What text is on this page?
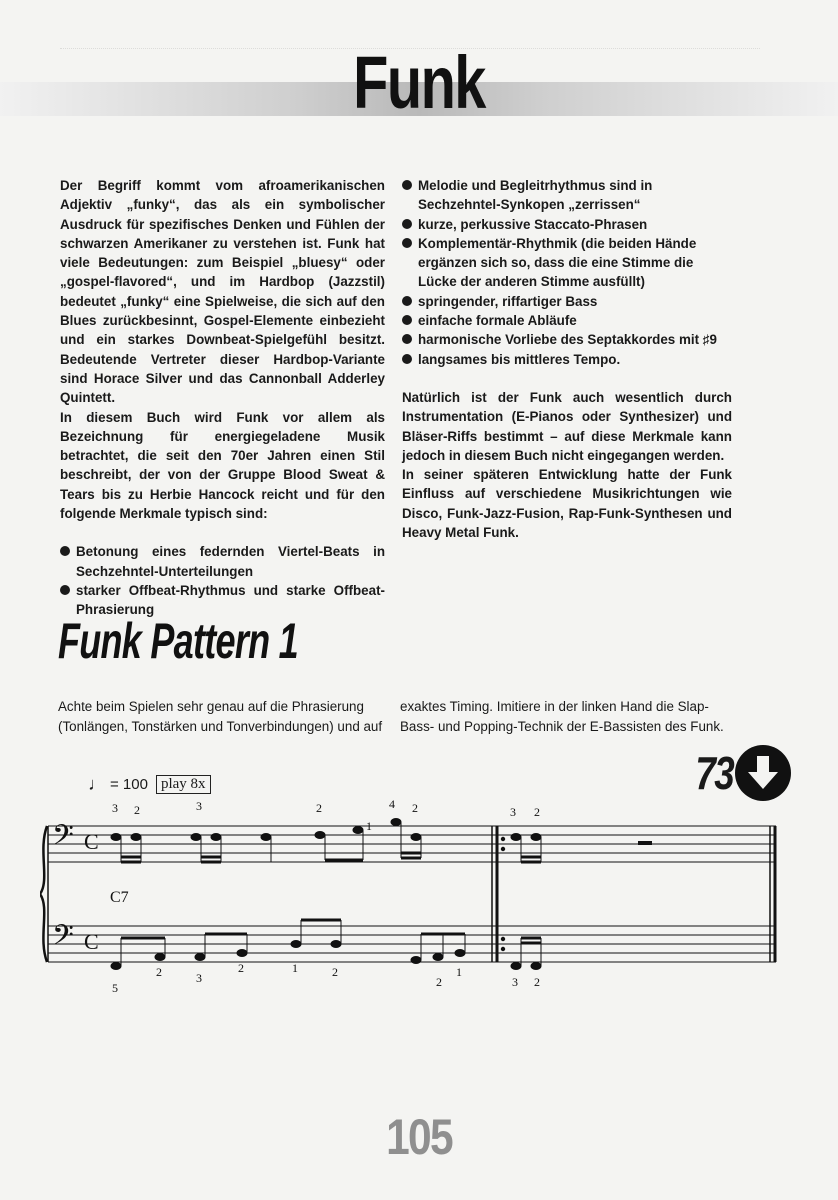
Funk

Der Begriff kommt vom afroamerikanischen Adjektiv „funky“, das als ein symbolischer Ausdruck für spezifisches Denken und Fühlen der schwarzen Amerikaner zu verstehen ist. Funk hat viele Bedeutungen: zum Beispiel „bluesy“ oder „gospel-flavored“, und im Hardbop (Jazzstil) bedeutet „funky“ eine Spielweise, die sich auf den Blues zurückbesinnt, Gospel-Elemente einbezieht und ein starkes Downbeat-Spielgefühl besitzt. Bedeutende Vertreter dieser Hardbop-Variante sind Horace Silver und das Cannonball Adderley Quintett.

In diesem Buch wird Funk vor allem als Bezeichnung für energiegeladene Musik betrachtet, die seit den 70er Jahren einen Stil beschreibt, der von der Gruppe Blood Sweat & Tears bis zu Herbie Hancock reicht und für den folgende Merkmale typisch sind:

Betonung eines federnden Viertel-Beats in Sechzehntel-Unterteilungen
starker Offbeat-Rhythmus und starke Offbeat-Phrasierung
Melodie und Begleitrhythmus sind in Sechzehntel-Synkopen „zerrissen“
kurze, perkussive Staccato-Phrasen
Komplementär-Rhythmik (die beiden Hände ergänzen sich so, dass die eine Stimme die Lücke der anderen Stimme ausfüllt)
springender, riffartiger Bass
einfache formale Abläufe
harmonische Vorliebe des Septakkordes mit ♯9
langsames bis mittleres Tempo.

Natürlich ist der Funk auch wesentlich durch Instrumentation (E-Pianos oder Synthesizer) und Bläser-Riffs bestimmt – auf diese Merkmale kann jedoch in diesem Buch nicht eingegangen werden.

In seiner späteren Entwicklung hatte der Funk Einfluss auf verschiedene Musikrichtungen wie Disco, Funk-Jazz-Fusion, Rap-Funk-Synthesen und Heavy Metal Funk.

Funk Pattern 1
Achte beim Spielen sehr genau auf die Phrasierung (Tonlängen, Tonstärken und Tonverbindungen) und auf
exaktes Timing. Imitiere in der linken Hand die Slap-Bass- und Popping-Technik der E-Bassisten des Funk.
♩ = 100 play 8x	73
𝄢
𝄢
C
C
C7
3 2	3	2
1
4 2	3 2
5
2	3
2	1	2
2
1
3 2
105
